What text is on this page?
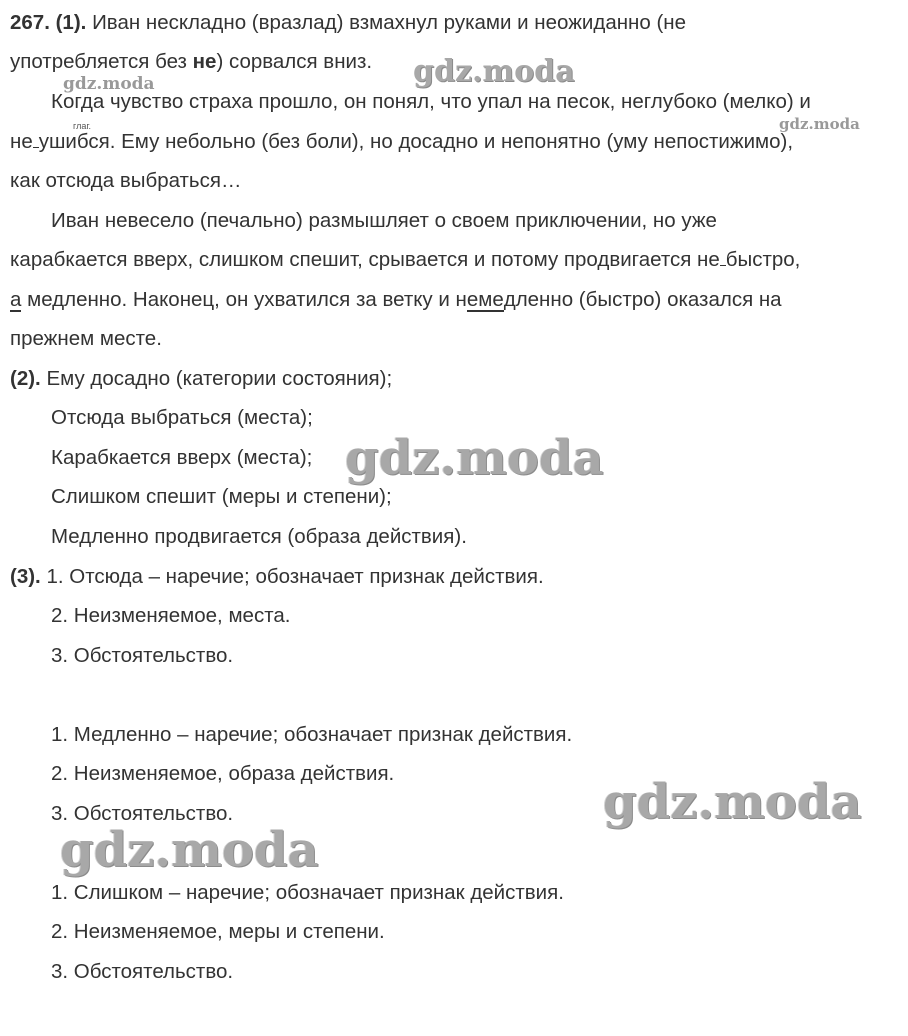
267. (1). Иван нескладно (вразлад) взмахнул руками и неожиданно (не
употребляется без не) сорвался вниз.
Когда чувство страха прошло, он понял, что упал на песок, неглубоко (мелко) и
глаг.
не ушибся. Ему небольно (без боли), но досадно и непонятно (уму непостижимо),
как отсюда выбраться…
Иван невесело (печально) размышляет о своем приключении, но уже
карабкается вверх, слишком спешит, срывается и потому продвигается не быстро,
а медленно. Наконец, он ухватился за ветку и немедленно (быстро) оказался на
прежнем месте.
(2). Ему досадно (категории состояния);
Отсюда выбраться (места);
Карабкается вверх (места);
Слишком спешит (меры и степени);
Медленно продвигается (образа действия).
(3). 1. Отсюда – наречие; обозначает признак действия.
2. Неизменяемое, места.
3. Обстоятельство.
1. Медленно – наречие; обозначает признак действия.
2. Неизменяемое, образа действия.
3. Обстоятельство.
1. Слишком – наречие; обозначает признак действия.
2. Неизменяемое, меры и степени.
3. Обстоятельство.
gdz.moda	gdz.moda
gdz.moda
gdz.moda
gdz.moda
gdz.moda
